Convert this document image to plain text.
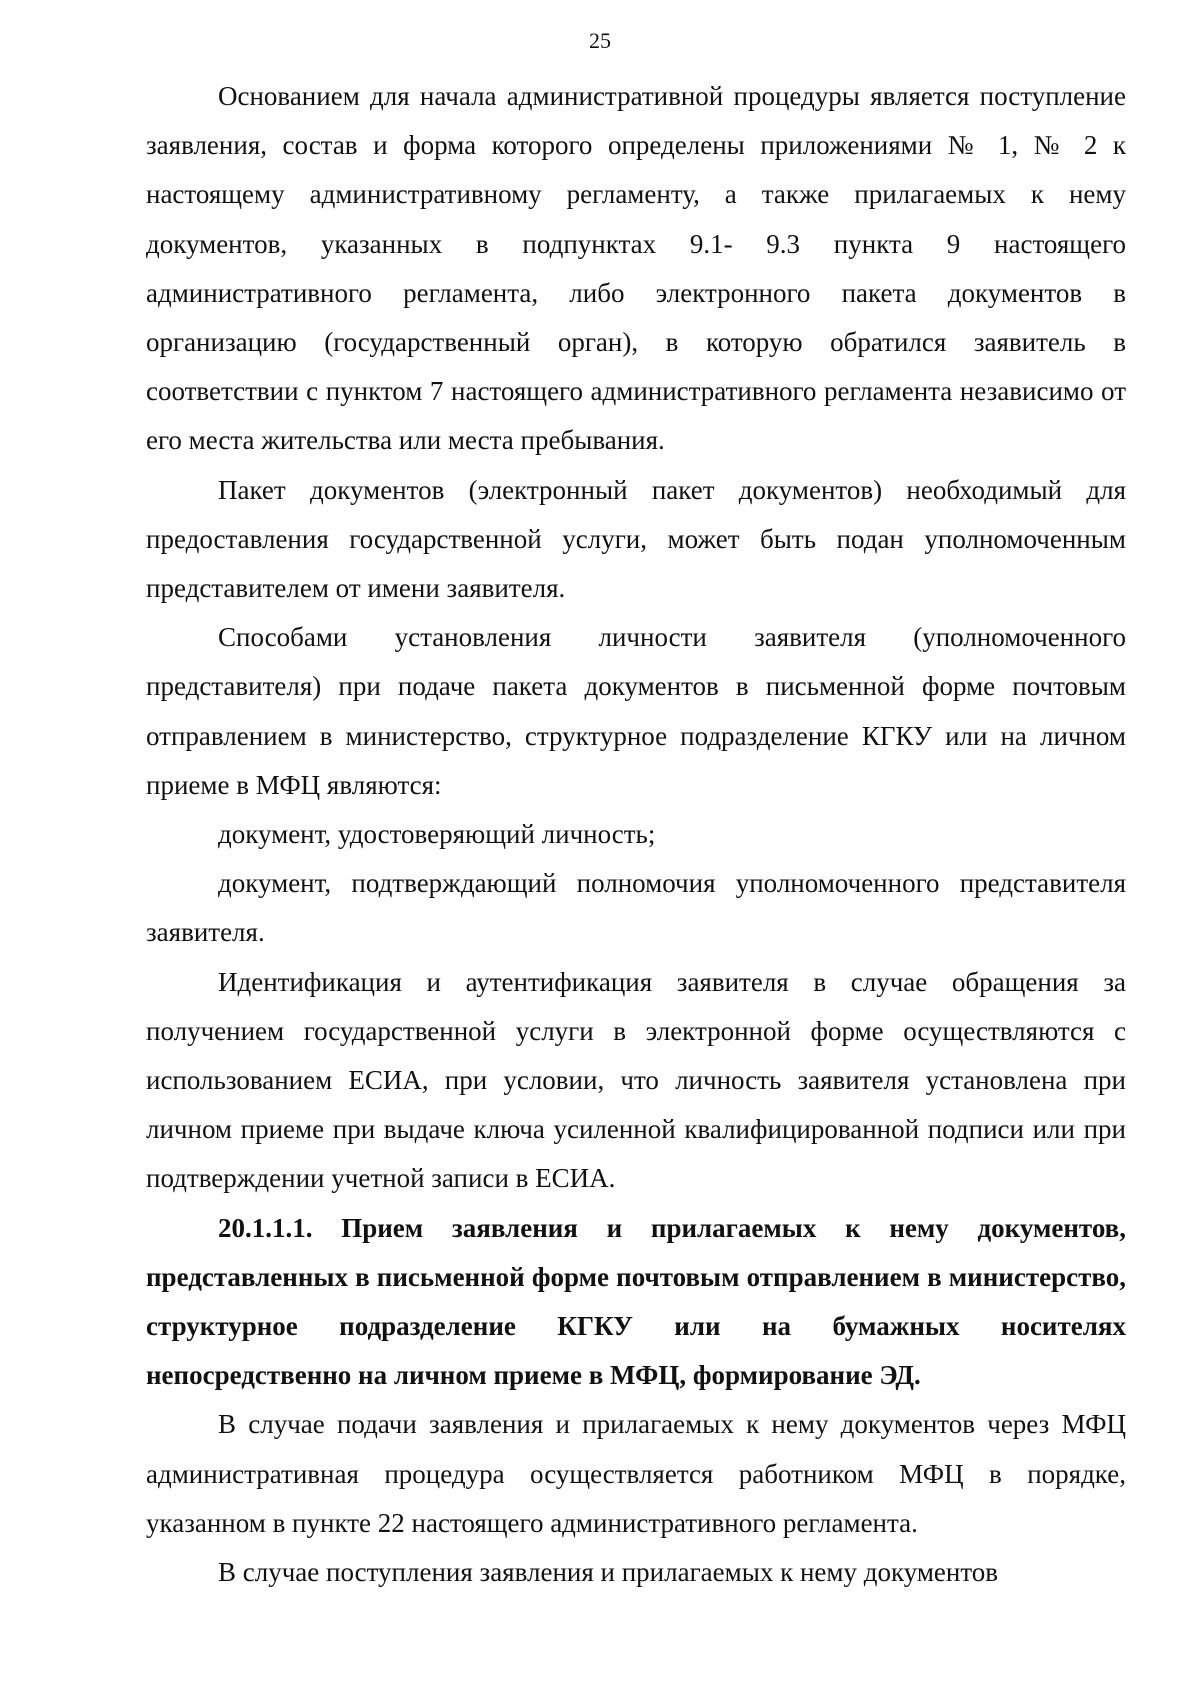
25

Основанием для начала административной процедуры является поступление заявления, состав и форма которого определены приложениями № 1, № 2 к настоящему административному регламенту, а также прилагаемых к нему документов, указанных в подпунктах 9.1- 9.3 пункта 9 настоящего административного регламента, либо электронного пакета документов в организацию (государственный орган), в которую обратился заявитель в соответствии с пунктом 7 настоящего административного регламента независимо от его места жительства или места пребывания.

Пакет документов (электронный пакет документов) необходимый для предоставления государственной услуги, может быть подан уполномоченным представителем от имени заявителя.

Способами установления личности заявителя (уполномоченного представителя) при подаче пакета документов в письменной форме почтовым отправлением в министерство, структурное подразделение КГКУ или на личном приеме в МФЦ являются:

документ, удостоверяющий личность;

документ, подтверждающий полномочия уполномоченного представителя заявителя.

Идентификация и аутентификация заявителя в случае обращения за получением государственной услуги в электронной форме осуществляются с использованием ЕСИА, при условии, что личность заявителя установлена при личном приеме при выдаче ключа усиленной квалифицированной подписи или при подтверждении учетной записи в ЕСИА.

20.1.1.1. Прием заявления и прилагаемых к нему документов, представленных в письменной форме почтовым отправлением в министерство, структурное подразделение КГКУ или на бумажных носителях непосредственно на личном приеме в МФЦ, формирование ЭД.

В случае подачи заявления и прилагаемых к нему документов через МФЦ административная процедура осуществляется работником МФЦ в порядке, указанном в пункте 22 настоящего административного регламента.

В случае поступления заявления и прилагаемых к нему документов
